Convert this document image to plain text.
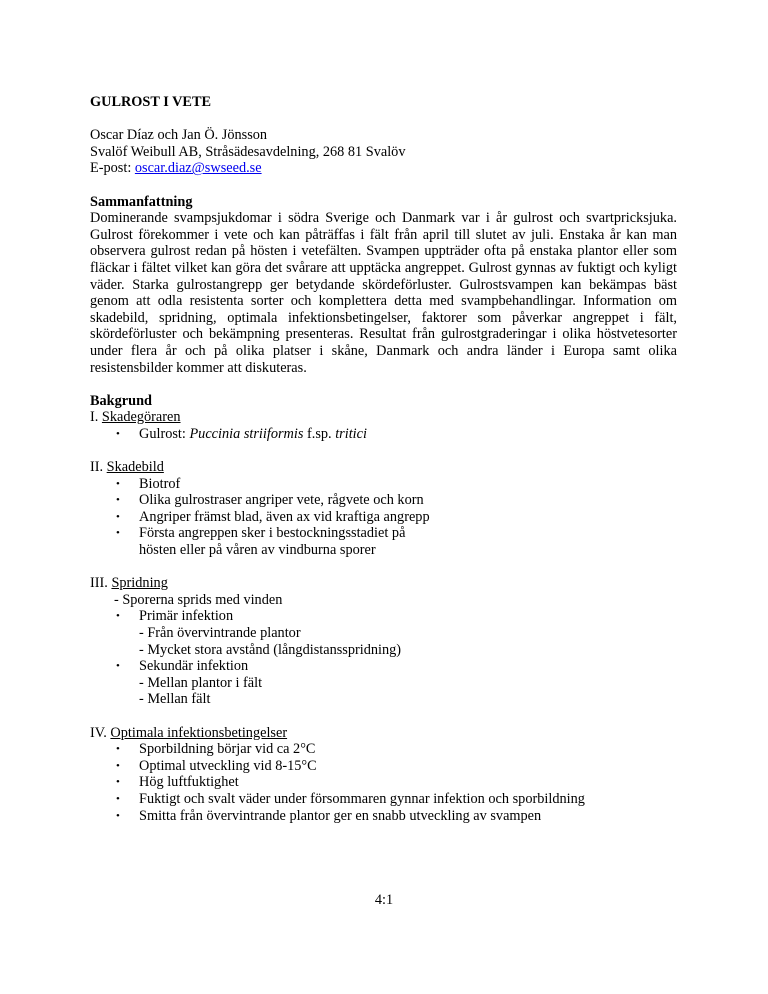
GULROST I VETE

Oscar Díaz och Jan Ö. Jönsson
Svalöf Weibull AB, Stråsädesavdelning, 268 81 Svalöv
E-post: oscar.diaz@swseed.se

Sammanfattning

Dominerande svampsjukdomar i södra Sverige och Danmark var i år gulrost och svartpricksjuka. Gulrost förekommer i vete och kan påträffas i fält från april till slutet av juli. Enstaka år kan man observera gulrost redan på hösten i vetefälten. Svampen uppträder ofta på enstaka plantor eller som fläckar i fältet vilket kan göra det svårare att upptäcka angreppet. Gulrost gynnas av fuktigt och kyligt väder. Starka gulrostangrepp ger betydande skördeförluster. Gulrostsvampen kan bekämpas bäst genom att odla resistenta sorter och komplettera detta med svampbehandlingar. Information om skadebild, spridning, optimala infektionsbetingelser, faktorer som påverkar angreppet i fält, skördeförluster och bekämpning presenteras. Resultat från gulrostgraderingar i olika höstvetesorter under flera år och på olika platser i skåne, Danmark och andra länder i Europa samt olika resistensbilder kommer att diskuteras.

Bakgrund

I. Skadegöraren
• Gulrost: Puccinia striiformis f.sp. tritici
II. Skadebild
• Biotrof
• Olika gulrostraser angriper vete, rågvete och korn
• Angriper främst blad, även ax vid kraftiga angrepp
• Första angreppen sker i bestockningsstadiet på
hösten eller på våren av vindburna sporer
III. Spridning
- Sporerna sprids med vinden
• Primär infektion
- Från övervintrande plantor
- Mycket stora avstånd (långdistansspridning)
• Sekundär infektion
- Mellan plantor i fält
- Mellan fält
IV. Optimala infektionsbetingelser
• Sporbildning börjar vid ca 2°C
• Optimal utveckling vid 8-15°C
• Hög luftfuktighet
• Fuktigt och svalt väder under försommaren gynnar infektion och sporbildning
• Smitta från övervintrande plantor ger en snabb utveckling av svampen
4:1
